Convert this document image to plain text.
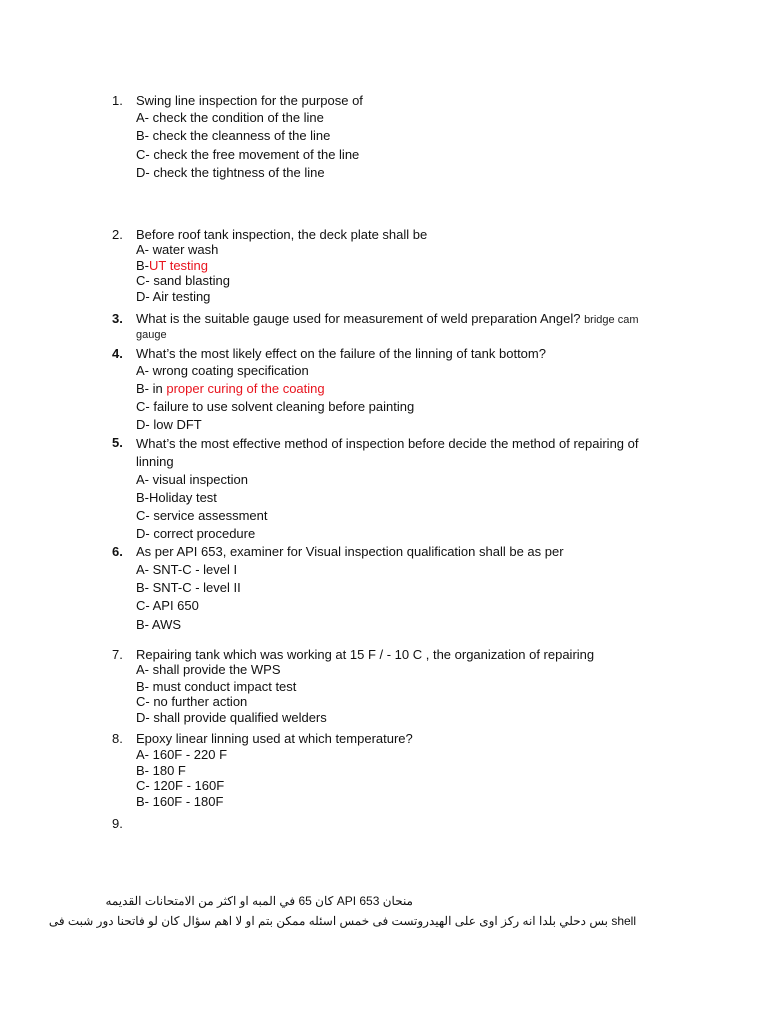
1. Swing line inspection for the purpose of
A- check the condition of the line
B- check the cleanness of the line
C- check the free movement of the line
D- check the tightness of the line
2. Before roof tank inspection, the deck plate shall be
A- water wash
B-UT testing
C- sand blasting
D- Air testing
3. What is the suitable gauge used for measurement of weld preparation Angel? bridge cam
gauge
4. What’s the most likely effect on the failure of the linning of tank bottom?
A- wrong coating specification
B- in proper curing of the coating
C- failure to use solvent cleaning before painting
D- low DFT
5. What’s the most effective method of inspection before decide the method of repairing of linning
A- visual inspection
B-Holiday test
C- service assessment
D- correct procedure
6. As per API 653, examiner for Visual inspection qualification shall be as per
A- SNT-C - level I
B- SNT-C - level II
C- API 650
B- AWS
7. Repairing tank which was working at 15 F / - 10 C , the organization of repairing
A- shall provide the WPS
B- must conduct impact test
C- no further action
D- shall provide qualified welders
8. Epoxy linear linning used at which temperature?
A- 160F - 220 F
B- 180 F
C- 120F - 160F
B- 160F - 180F
9.
منحان API 653 كان 65 في المبه او اكثر من الامتحانات القديمه
shell بس دحلي بلدا انه ركز اوى على الهيدروتست فى خمس اسئله ممكن بتم او لا اهم سؤال كان لو فاتحنا دور شبت فى
